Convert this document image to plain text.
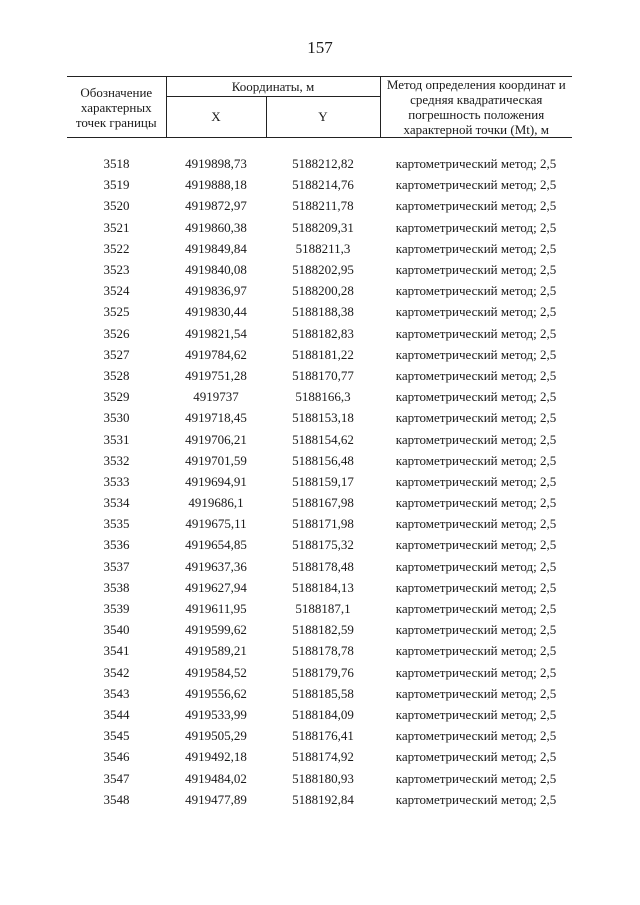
157
Обозначение характерных точек границы	Координаты, м		Метод определения координат и средняя квадратическая погрешность положения характерной точки (Mt), м
	X	Y	

3518	4919898,73	5188212,82	картометрический метод; 2,5
3519	4919888,18	5188214,76	картометрический метод; 2,5
3520	4919872,97	5188211,78	картометрический метод; 2,5
3521	4919860,38	5188209,31	картометрический метод; 2,5
3522	4919849,84	5188211,3	картометрический метод; 2,5
3523	4919840,08	5188202,95	картометрический метод; 2,5
3524	4919836,97	5188200,28	картометрический метод; 2,5
3525	4919830,44	5188188,38	картометрический метод; 2,5
3526	4919821,54	5188182,83	картометрический метод; 2,5
3527	4919784,62	5188181,22	картометрический метод; 2,5
3528	4919751,28	5188170,77	картометрический метод; 2,5
3529	4919737	5188166,3	картометрический метод; 2,5
3530	4919718,45	5188153,18	картометрический метод; 2,5
3531	4919706,21	5188154,62	картометрический метод; 2,5
3532	4919701,59	5188156,48	картометрический метод; 2,5
3533	4919694,91	5188159,17	картометрический метод; 2,5
3534	4919686,1	5188167,98	картометрический метод; 2,5
3535	4919675,11	5188171,98	картометрический метод; 2,5
3536	4919654,85	5188175,32	картометрический метод; 2,5
3537	4919637,36	5188178,48	картометрический метод; 2,5
3538	4919627,94	5188184,13	картометрический метод; 2,5
3539	4919611,95	5188187,1	картометрический метод; 2,5
3540	4919599,62	5188182,59	картометрический метод; 2,5
3541	4919589,21	5188178,78	картометрический метод; 2,5
3542	4919584,52	5188179,76	картометрический метод; 2,5
3543	4919556,62	5188185,58	картометрический метод; 2,5
3544	4919533,99	5188184,09	картометрический метод; 2,5
3545	4919505,29	5188176,41	картометрический метод; 2,5
3546	4919492,18	5188174,92	картометрический метод; 2,5
3547	4919484,02	5188180,93	картометрический метод; 2,5
3548	4919477,89	5188192,84	картометрический метод; 2,5
